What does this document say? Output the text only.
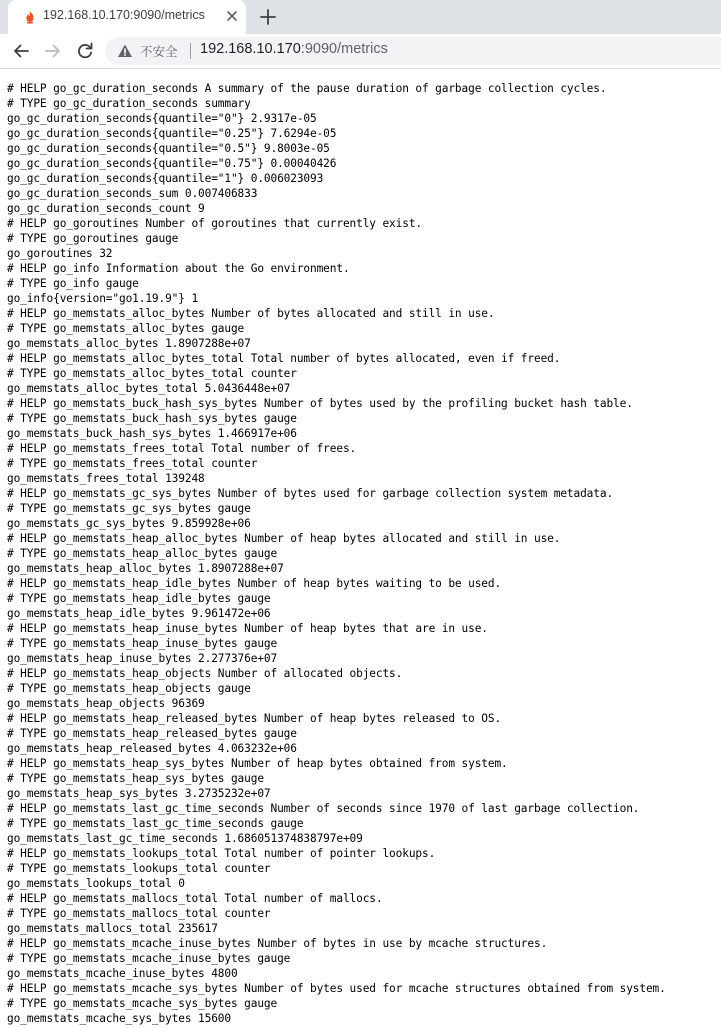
192.168.10.170:9090/metrics
不安全 192.168.10.170:9090/metrics
# HELP go_gc_duration_seconds A summary of the pause duration of garbage collection cycles.
# TYPE go_gc_duration_seconds summary
go_gc_duration_seconds{quantile="0"} 2.9317e-05
go_gc_duration_seconds{quantile="0.25"} 7.6294e-05
go_gc_duration_seconds{quantile="0.5"} 9.8003e-05
go_gc_duration_seconds{quantile="0.75"} 0.00040426
go_gc_duration_seconds{quantile="1"} 0.006023093
go_gc_duration_seconds_sum 0.007406833
go_gc_duration_seconds_count 9
# HELP go_goroutines Number of goroutines that currently exist.
# TYPE go_goroutines gauge
go_goroutines 32
# HELP go_info Information about the Go environment.
# TYPE go_info gauge
go_info{version="go1.19.9"} 1
# HELP go_memstats_alloc_bytes Number of bytes allocated and still in use.
# TYPE go_memstats_alloc_bytes gauge
go_memstats_alloc_bytes 1.8907288e+07
# HELP go_memstats_alloc_bytes_total Total number of bytes allocated, even if freed.
# TYPE go_memstats_alloc_bytes_total counter
go_memstats_alloc_bytes_total 5.0436448e+07
# HELP go_memstats_buck_hash_sys_bytes Number of bytes used by the profiling bucket hash table.
# TYPE go_memstats_buck_hash_sys_bytes gauge
go_memstats_buck_hash_sys_bytes 1.466917e+06
# HELP go_memstats_frees_total Total number of frees.
# TYPE go_memstats_frees_total counter
go_memstats_frees_total 139248
# HELP go_memstats_gc_sys_bytes Number of bytes used for garbage collection system metadata.
# TYPE go_memstats_gc_sys_bytes gauge
go_memstats_gc_sys_bytes 9.859928e+06
# HELP go_memstats_heap_alloc_bytes Number of heap bytes allocated and still in use.
# TYPE go_memstats_heap_alloc_bytes gauge
go_memstats_heap_alloc_bytes 1.8907288e+07
# HELP go_memstats_heap_idle_bytes Number of heap bytes waiting to be used.
# TYPE go_memstats_heap_idle_bytes gauge
go_memstats_heap_idle_bytes 9.961472e+06
# HELP go_memstats_heap_inuse_bytes Number of heap bytes that are in use.
# TYPE go_memstats_heap_inuse_bytes gauge
go_memstats_heap_inuse_bytes 2.277376e+07
# HELP go_memstats_heap_objects Number of allocated objects.
# TYPE go_memstats_heap_objects gauge
go_memstats_heap_objects 96369
# HELP go_memstats_heap_released_bytes Number of heap bytes released to OS.
# TYPE go_memstats_heap_released_bytes gauge
go_memstats_heap_released_bytes 4.063232e+06
# HELP go_memstats_heap_sys_bytes Number of heap bytes obtained from system.
# TYPE go_memstats_heap_sys_bytes gauge
go_memstats_heap_sys_bytes 3.2735232e+07
# HELP go_memstats_last_gc_time_seconds Number of seconds since 1970 of last garbage collection.
# TYPE go_memstats_last_gc_time_seconds gauge
go_memstats_last_gc_time_seconds 1.686051374838797e+09
# HELP go_memstats_lookups_total Total number of pointer lookups.
# TYPE go_memstats_lookups_total counter
go_memstats_lookups_total 0
# HELP go_memstats_mallocs_total Total number of mallocs.
# TYPE go_memstats_mallocs_total counter
go_memstats_mallocs_total 235617
# HELP go_memstats_mcache_inuse_bytes Number of bytes in use by mcache structures.
# TYPE go_memstats_mcache_inuse_bytes gauge
go_memstats_mcache_inuse_bytes 4800
# HELP go_memstats_mcache_sys_bytes Number of bytes used for mcache structures obtained from system.
# TYPE go_memstats_mcache_sys_bytes gauge
go_memstats_mcache_sys_bytes 15600
